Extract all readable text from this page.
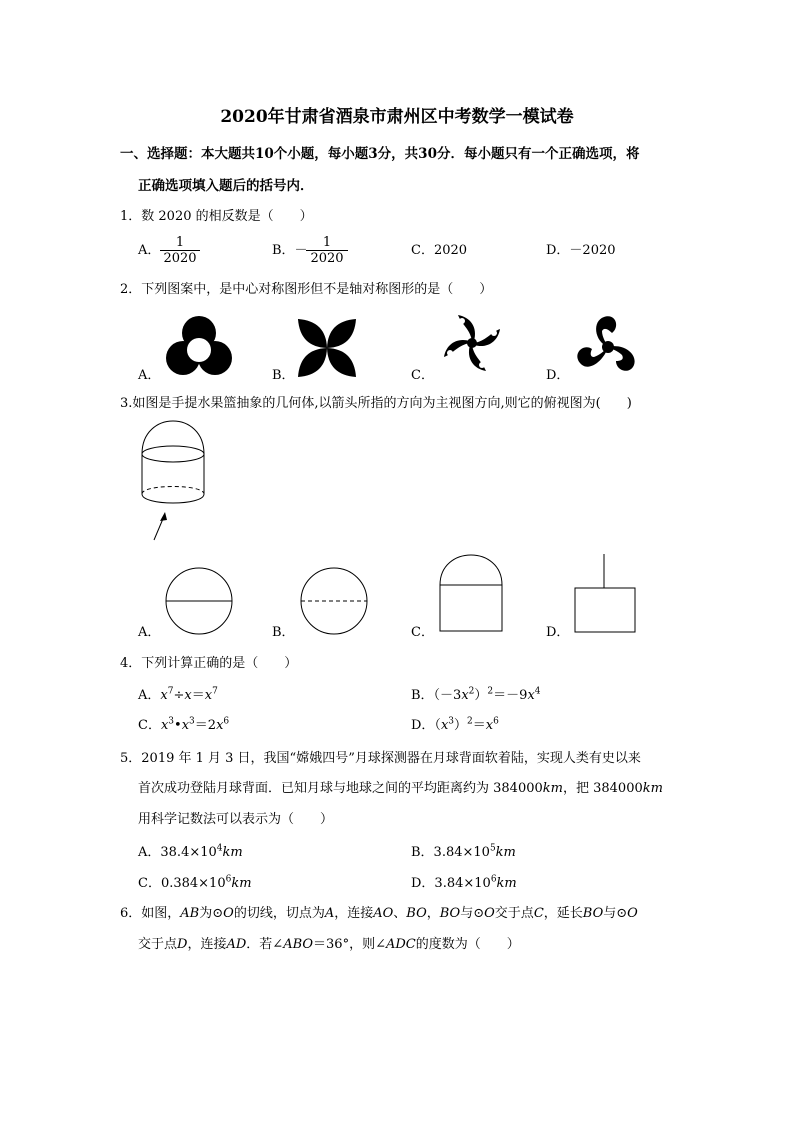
2020年甘肃省酒泉市肃州区中考数学一模试卷
一、选择题：本大题共10个小题，每小题3分，共30分．每小题只有一个正确选项，将
正确选项填入题后的括号内．
1．数 2020 的相反数是（　　）
A． $\frac{1}{2020}$	B．－
$\frac{1}{2020}$	C．2020	D．－2020
2．下列图案中，是中心对称图形但不是轴对称图形的是（　　）
A．	B．	C．	D．
3.如图是手提水果篮抽象的几何体,以箭头所指的方向为主视图方向,则它的俯视图为(　　)
A．	B．	C．	D．
4．下列计算正确的是（　　）
A．$x^7\div x=x^7$	B．$(-3x^2)^2=-9x^4$
C．$x^3•x^3=2x^6$	D．$(x^3)^2=x^6$
5．2019 年 1 月 3 日，我国“嫦娥四号”月球探测器在月球背面软着陆，实现人类有史以来
首次成功登陆月球背面．已知月球与地球之间的平均距离约为 384000km，把 384000km
用科学记数法可以表示为（　　）
A．$38.4\times 10^4km$	B．$3.84\times 10^5km$
C．$0.384\times 10^6km$	D．$3.84\times 10^6km$
6．如图，AB为⊙O的切线，切点为A，连接AO、BO，BO与⊙O交于点C，延长BO与⊙O
交于点D，连接AD．若∠ABO＝36°，则∠ADC的度数为（　　）
